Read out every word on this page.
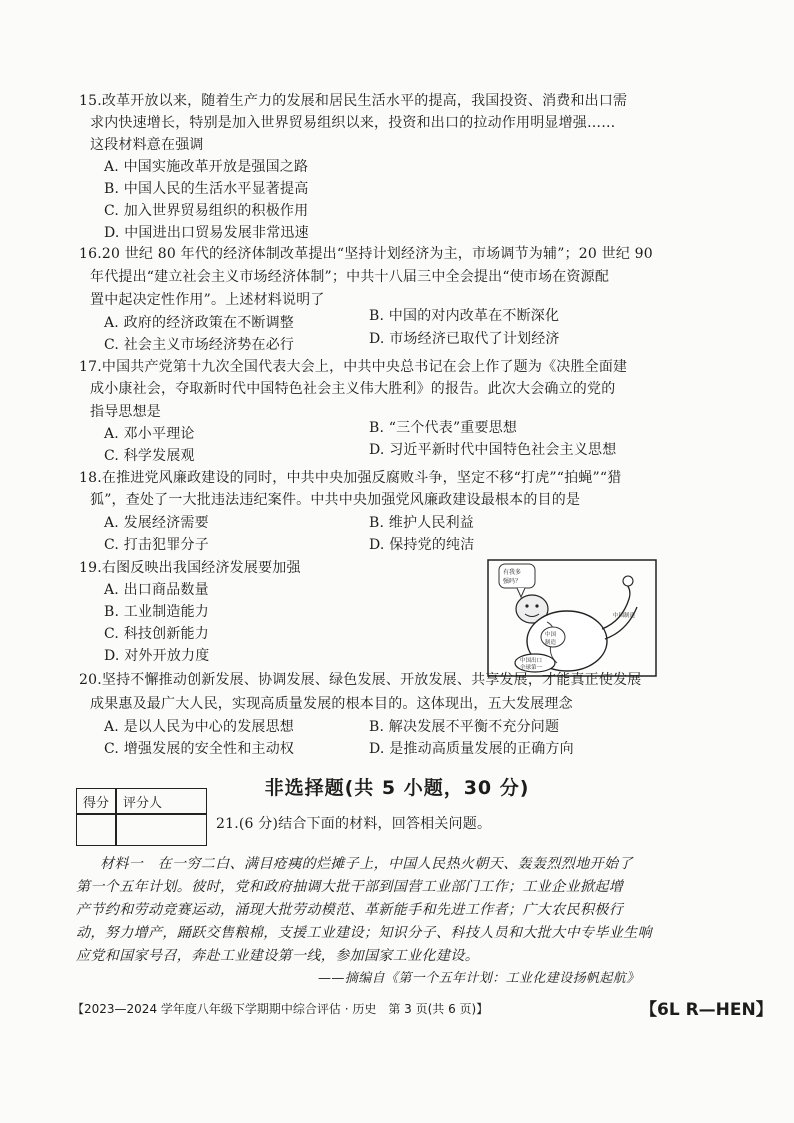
15.改革开放以来，随着生产力的发展和居民生活水平的提高，我国投资、消费和出口需
求内快速增长，特别是加入世界贸易组织以来，投资和出口的拉动作用明显增强……
这段材料意在强调
A. 中国实施改革开放是强国之路
B. 中国人民的生活水平显著提高
C. 加入世界贸易组织的积极作用
D. 中国进出口贸易发展非常迅速
16.20 世纪 80 年代的经济体制改革提出“坚持计划经济为主，市场调节为辅”；20 世纪 90
年代提出“建立社会主义市场经济体制”；中共十八届三中全会提出“使市场在资源配
置中起决定性作用”。上述材料说明了
A. 政府的经济政策在不断调整	B. 中国的对内改革在不断深化
C. 社会主义市场经济势在必行	D. 市场经济已取代了计划经济
17.中国共产党第十九次全国代表大会上，中共中央总书记在会上作了题为《决胜全面建
成小康社会，夺取新时代中国特色社会主义伟大胜利》的报告。此次大会确立的党的
指导思想是
A. 邓小平理论	B. “三个代表”重要思想
C. 科学发展观	D. 习近平新时代中国特色社会主义思想
18.在推进党风廉政建设的同时，中共中央加强反腐败斗争，坚定不移“打虎”“拍蝇”“猎
狐”，查处了一大批违法违纪案件。中共中央加强党风廉政建设最根本的目的是
A. 发展经济需要	B. 维护人民利益
C. 打击犯罪分子	D. 保持党的纯洁
19.右图反映出我国经济发展要加强
A. 出口商品数量
B. 工业制造能力
C. 科技创新能力
D. 对外开放力度
有我多
强吗？
中国
制造
中国出口
全球第一
中国制造
20.坚持不懈推动创新发展、协调发展、绿色发展、开放发展、共享发展，才能真正使发展
成果惠及最广大人民，实现高质量发展的根本目的。这体现出，五大发展理念
A. 是以人民为中心的发展思想	B. 解决发展不平衡不充分问题
C. 增强发展的安全性和主动权	D. 是推动高质量发展的正确方向
非选择题(共 5 小题，30 分)
得分 评分人
21.(6 分)结合下面的材料，回答相关问题。
材料一　在一穷二白、满目疮痍的烂摊子上，中国人民热火朝天、轰轰烈烈地开始了
第一个五年计划。彼时，党和政府抽调大批干部到国营工业部门工作；工业企业掀起增
产节约和劳动竞赛运动，涌现大批劳动模范、革新能手和先进工作者；广大农民积极行
动，努力增产，踊跃交售粮棉，支援工业建设；知识分子、科技人员和大批大中专毕业生响
应党和国家号召，奔赴工业建设第一线，参加国家工业化建设。
——摘编自《第一个五年计划：工业化建设扬帆起航》
【2023—2024 学年度八年级下学期期中综合评估 · 历史　第 3 页(共 6 页)】	【6L R—HEN】
